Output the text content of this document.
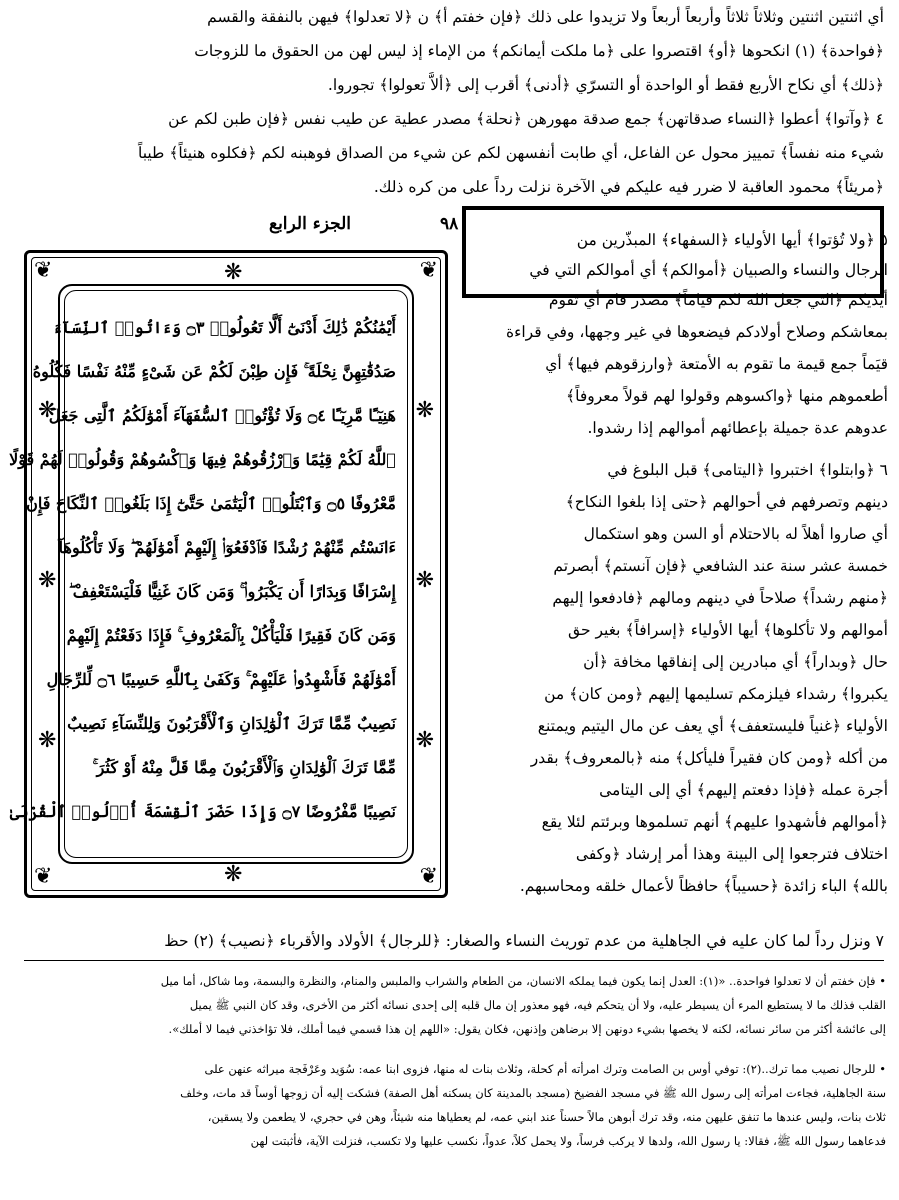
أي اثنتين اثنتين وثلاثاً ثلاثاً وأربعاً أربعاً ولا تزيدوا على ذلك ﴿فإن خفتم أ﴾ ن ﴿لا تعدلوا﴾ فيهن بالنفقة والقسم
﴿فواحدة﴾ (١) انكحوها ﴿أو﴾ اقتصروا على ﴿ما ملكت أيمانكم﴾ من الإماء إذ ليس لهن من الحقوق ما للزوجات
﴿ذلك﴾ أي نكاح الأربع فقط أو الواحدة أو التسرّي ﴿أدنى﴾ أقرب إلى ﴿ألاَّ تعولوا﴾ تجوروا.
٤ ﴿وآتوا﴾ أعطوا ﴿النساء صدقاتهن﴾ جمع صدقة مهورهن ﴿نحلة﴾ مصدر عطية عن طيب نفس ﴿فإن طبن لكم عن
شيء منه نفساً﴾ تمييز محول عن الفاعل، أي طابت أنفسهن لكم عن شيء من الصداق فوهبنه لكم ﴿فكلوه هنيئاً﴾ طيباً
﴿مريئاً﴾ محمود العاقبة لا ضرر فيه عليكم في الآخرة نزلت رداً على من كره ذلك.
٩٨
الجزء الرابع
❦	❦
❦	❦
❋
❋
❋
❋
❋
❋
❋
❋
أَيْمَٰنُكُمْ ذَٰلِكَ أَدْنَىٰٓ أَلَّا تَعُولُوا۟ ۝٣ وَءَاتُوا۟ ٱلنِّسَآءَ
صَدُقَٰتِهِنَّ نِحْلَةً ۚ فَإِن طِبْنَ لَكُمْ عَن شَىْءٍ مِّنْهُ نَفْسًا فَكُلُوهُ
هَنِيٓـًٔا مَّرِيٓـًٔا ۝٤ وَلَا تُؤْتُوا۟ ٱلسُّفَهَآءَ أَمْوَٰلَكُمُ ٱلَّتِى جَعَلَ
ٱللَّهُ لَكُمْ قِيَٰمًا وَٱرْزُقُوهُمْ فِيهَا وَٱكْسُوهُمْ وَقُولُوا۟ لَهُمْ قَوْلًا
مَّعْرُوفًا ۝٥ وَٱبْتَلُوا۟ ٱلْيَتَٰمَىٰ حَتَّىٰٓ إِذَا بَلَغُوا۟ ٱلنِّكَاحَ فَإِنْ
ءَانَسْتُم مِّنْهُمْ رُشْدًا فَٱدْفَعُوٓا۟ إِلَيْهِمْ أَمْوَٰلَهُمْ ۖ وَلَا تَأْكُلُوهَآ
إِسْرَافًا وَبِدَارًا أَن يَكْبَرُوا۟ ۚ وَمَن كَانَ غَنِيًّا فَلْيَسْتَعْفِفْ ۖ
وَمَن كَانَ فَقِيرًا فَلْيَأْكُلْ بِٱلْمَعْرُوفِ ۚ فَإِذَا دَفَعْتُمْ إِلَيْهِمْ
أَمْوَٰلَهُمْ فَأَشْهِدُوا۟ عَلَيْهِمْ ۚ وَكَفَىٰ بِٱللَّهِ حَسِيبًا ۝٦ لِّلرِّجَالِ
نَصِيبٌ مِّمَّا تَرَكَ ٱلْوَٰلِدَانِ وَٱلْأَقْرَبُونَ وَلِلنِّسَآءِ نَصِيبٌ
مِّمَّا تَرَكَ ٱلْوَٰلِدَانِ وَٱلْأَقْرَبُونَ مِمَّا قَلَّ مِنْهُ أَوْ كَثُرَ ۚ
نَصِيبًا مَّفْرُوضًا ۝٧ وَإِذَا حَضَرَ ٱلْقِسْمَةَ أُو۟لُوا۟ ٱلْقُرْبَىٰ
٥ ﴿ولا تُؤتوا﴾ أيها الأولياء ﴿السفهاء﴾ المبذّرين من
الرجال والنساء والصبيان ﴿أموالكم﴾ أي أموالكم التي في
أيديكم ﴿التي جعل الله لكم قياماً﴾ مصدر قام أي تقوم
بمعاشكم وصلاح أولادكم فيضعوها في غير وجهها، وفي قراءة
قيَماً جمع قيمة ما تقوم به الأمتعة ﴿وارزقوهم فيها﴾ أي
أطعموهم منها ﴿واكسوهم وقولوا لهم قولاً معروفاً﴾
عدوهم عدة جميلة بإعطائهم أموالهم إذا رشدوا.
٦ ﴿وابتلوا﴾ اختبروا ﴿اليتامى﴾ قبل البلوغ في
دينهم وتصرفهم في أحوالهم ﴿حتى إذا بلغوا النكاح﴾
أي صاروا أهلاً له بالاحتلام أو السن وهو استكمال
خمسة عشر سنة عند الشافعي ﴿فإن آنستم﴾ أبصرتم
﴿منهم رشداً﴾ صلاحاً في دينهم ومالهم ﴿فادفعوا إليهم
أموالهم ولا تأكلوها﴾ أيها الأولياء ﴿إسرافاً﴾ بغير حق
حال ﴿وبداراً﴾ أي مبادرين إلى إنفاقها مخافة ﴿أن
يكبروا﴾ رشداء فيلزمكم تسليمها إليهم ﴿ومن كان﴾ من
الأولياء ﴿غنياً فليستعفف﴾ أي يعف عن مال اليتيم ويمتنع
من أكله ﴿ومن كان فقيراً فليأكل﴾ منه ﴿بالمعروف﴾ بقدر
أجرة عمله ﴿فإذا دفعتم إليهم﴾ أي إلى اليتامى
﴿أموالهم فأشهدوا عليهم﴾ أنهم تسلموها وبرئتم لئلا يقع
اختلاف فترجعوا إلى البينة وهذا أمر إرشاد ﴿وكفى
بالله﴾ الباء زائدة ﴿حسيباً﴾ حافظاً لأعمال خلقه ومحاسبهم.
٧ ونزل رداً لما كان عليه في الجاهلية من عدم توريث النساء والصغار: ﴿للرجال﴾ الأولاد والأقرباء ﴿نصيب﴾ (٢) حظ
• فإن خفتم أن لا تعدلوا فواحدة.. «(١): العدل إنما يكون فيما يملكه الانسان، من الطعام والشراب والملبس والمنام، والنظرة والبسمة، وما شاكل، أما ميل
القلب فذلك ما لا يستطيع المرء أن يسيطر عليه، ولا أن يتحكم فيه، فهو معذور إن مال قلبه إلى إحدى نسائه أكثر من الأخرى، وقد كان النبي ﷺ يميل
إلى عائشة أكثر من سائر نسائه، لكنه لا يخصها بشيء دونهن إلا برضاهن وإذنهن، فكان يقول: «اللهم إن هذا قسمي فيما أملك، فلا تؤاخذني فيما لا أملك».
• للرجال نصيب مما ترك..(٢): توفي أوس بن الصامت وترك امرأته أم كحلة، وثلاث بنات له منها، فزوى ابنا عمه: سُوَيد وعَرْفَجة ميراثه عنهن على
سنة الجاهلية، فجاءت امرأته إلى رسول الله ﷺ في مسجد الفضيخ (مسجد بالمدينة كان يسكنه أهل الصفة) فشكت إليه أن زوجها أوساً قد مات، وخلف
ثلاث بنات، وليس عندها ما تنفق عليهن منه، وقد ترك أبوهن مالاً حسناً عند ابني عمه، لم يعطياها منه شيئاً، وهن في حجري، لا يطعمن ولا يسقين،
فدعاهما رسول الله ﷺ، فقالا: يا رسول الله، ولدها لا يركب فرساً، ولا يحمل كلاً، عدواً، نكسب عليها ولا تكسب، فنزلت الآية، فأثبتت لهن
